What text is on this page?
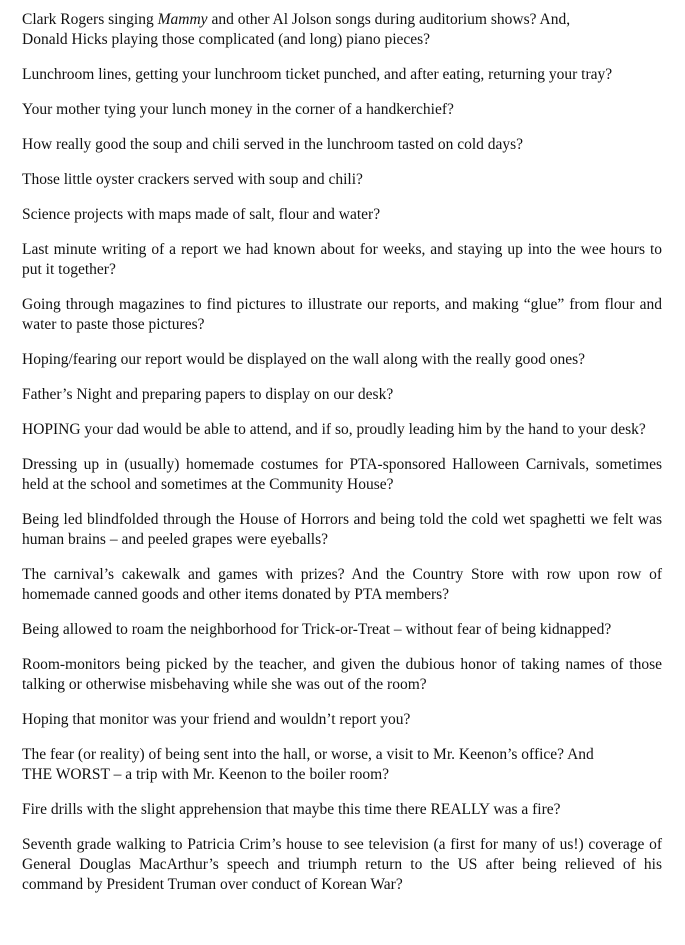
Clark Rogers singing Mammy and other Al Jolson songs during auditorium shows? And,
Donald Hicks playing those complicated (and long) piano pieces?

Lunchroom lines, getting your lunchroom ticket punched, and after eating, returning your tray?

Your mother tying your lunch money in the corner of a handkerchief?

How really good the soup and chili served in the lunchroom tasted on cold days?

Those little oyster crackers served with soup and chili?

Science projects with maps made of salt, flour and water?

Last minute writing of a report we had known about for weeks, and staying up into the wee hours to put it together?

Going through magazines to find pictures to illustrate our reports, and making “glue” from flour and water to paste those pictures?

Hoping/fearing our report would be displayed on the wall along with the really good ones?

Father’s Night and preparing papers to display on our desk?

HOPING your dad would be able to attend, and if so, proudly leading him by the hand to your desk?

Dressing up in (usually) homemade costumes for PTA-sponsored Halloween Carnivals, sometimes held at the school and sometimes at the Community House?

Being led blindfolded through the House of Horrors and being told the cold wet spaghetti we felt was human brains – and peeled grapes were eyeballs?

The carnival’s cakewalk and games with prizes? And the Country Store with row upon row of homemade canned goods and other items donated by PTA members?

Being allowed to roam the neighborhood for Trick-or-Treat – without fear of being kidnapped?

Room-monitors being picked by the teacher, and given the dubious honor of taking names of those talking or otherwise misbehaving while she was out of the room?

Hoping that monitor was your friend and wouldn’t report you?

The fear (or reality) of being sent into the hall, or worse, a visit to Mr. Keenon’s office? And
THE WORST – a trip with Mr. Keenon to the boiler room?

Fire drills with the slight apprehension that maybe this time there REALLY was a fire?

Seventh grade walking to Patricia Crim’s house to see television (a first for many of us!) coverage of General Douglas MacArthur’s speech and triumph return to the US after being relieved of his command by President Truman over conduct of Korean War?
